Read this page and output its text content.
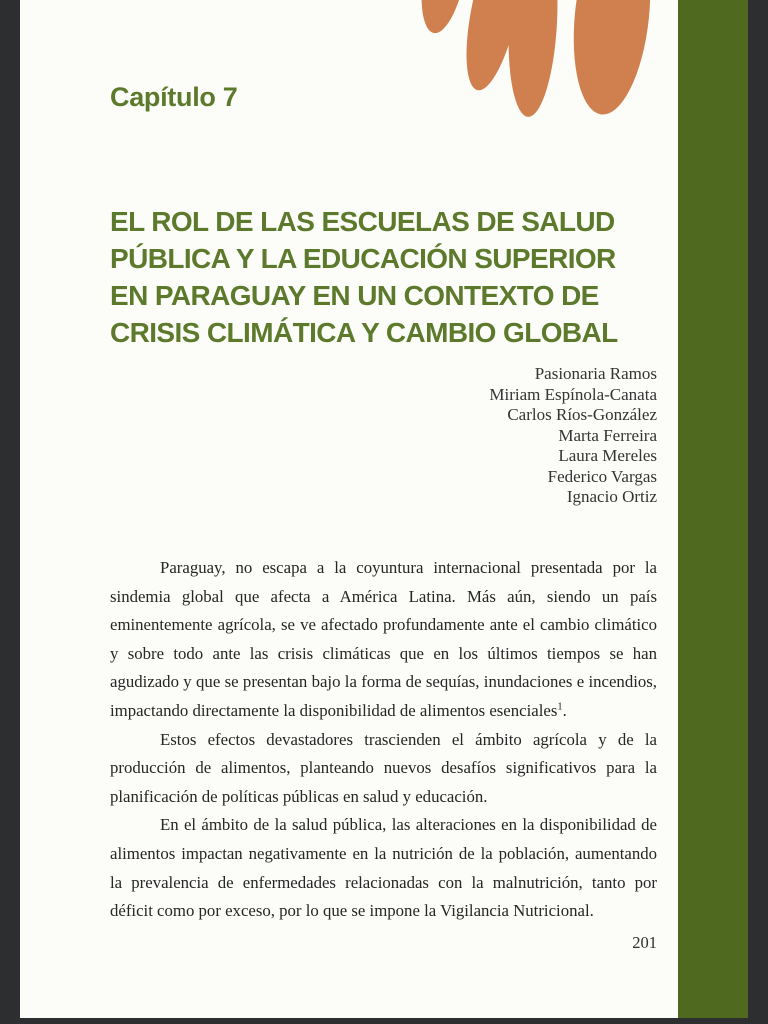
Capítulo 7
EL ROL DE LAS ESCUELAS DE SALUD
PÚBLICA Y LA EDUCACIÓN SUPERIOR
EN PARAGUAY EN UN CONTEXTO DE
CRISIS CLIMÁTICA Y CAMBIO GLOBAL
Pasionaria Ramos
Miriam Espínola-Canata
Carlos Ríos-González
Marta Ferreira
Laura Mereles
Federico Vargas
Ignacio Ortiz

Paraguay, no escapa a la coyuntura internacional presentada por la sindemia global que afecta a América Latina. Más aún, siendo un país eminentemente agrícola, se ve afectado profundamente ante el cambio climático y sobre todo ante las crisis climáticas que en los últimos tiempos se han agudizado y que se presentan bajo la forma de sequías, inundaciones e incendios, impactando directamente la disponibilidad de alimentos esenciales$^1$.

Estos efectos devastadores trascienden el ámbito agrícola y de la producción de alimentos, planteando nuevos desafíos significativos para la planificación de políticas públicas en salud y educación.

En el ámbito de la salud pública, las alteraciones en la disponibilidad de alimentos impactan negativamente en la nutrición de la población, aumentando la prevalencia de enfermedades relacionadas con la malnutrición, tanto por déficit como por exceso, por lo que se impone la Vigilancia Nutricional.

201
